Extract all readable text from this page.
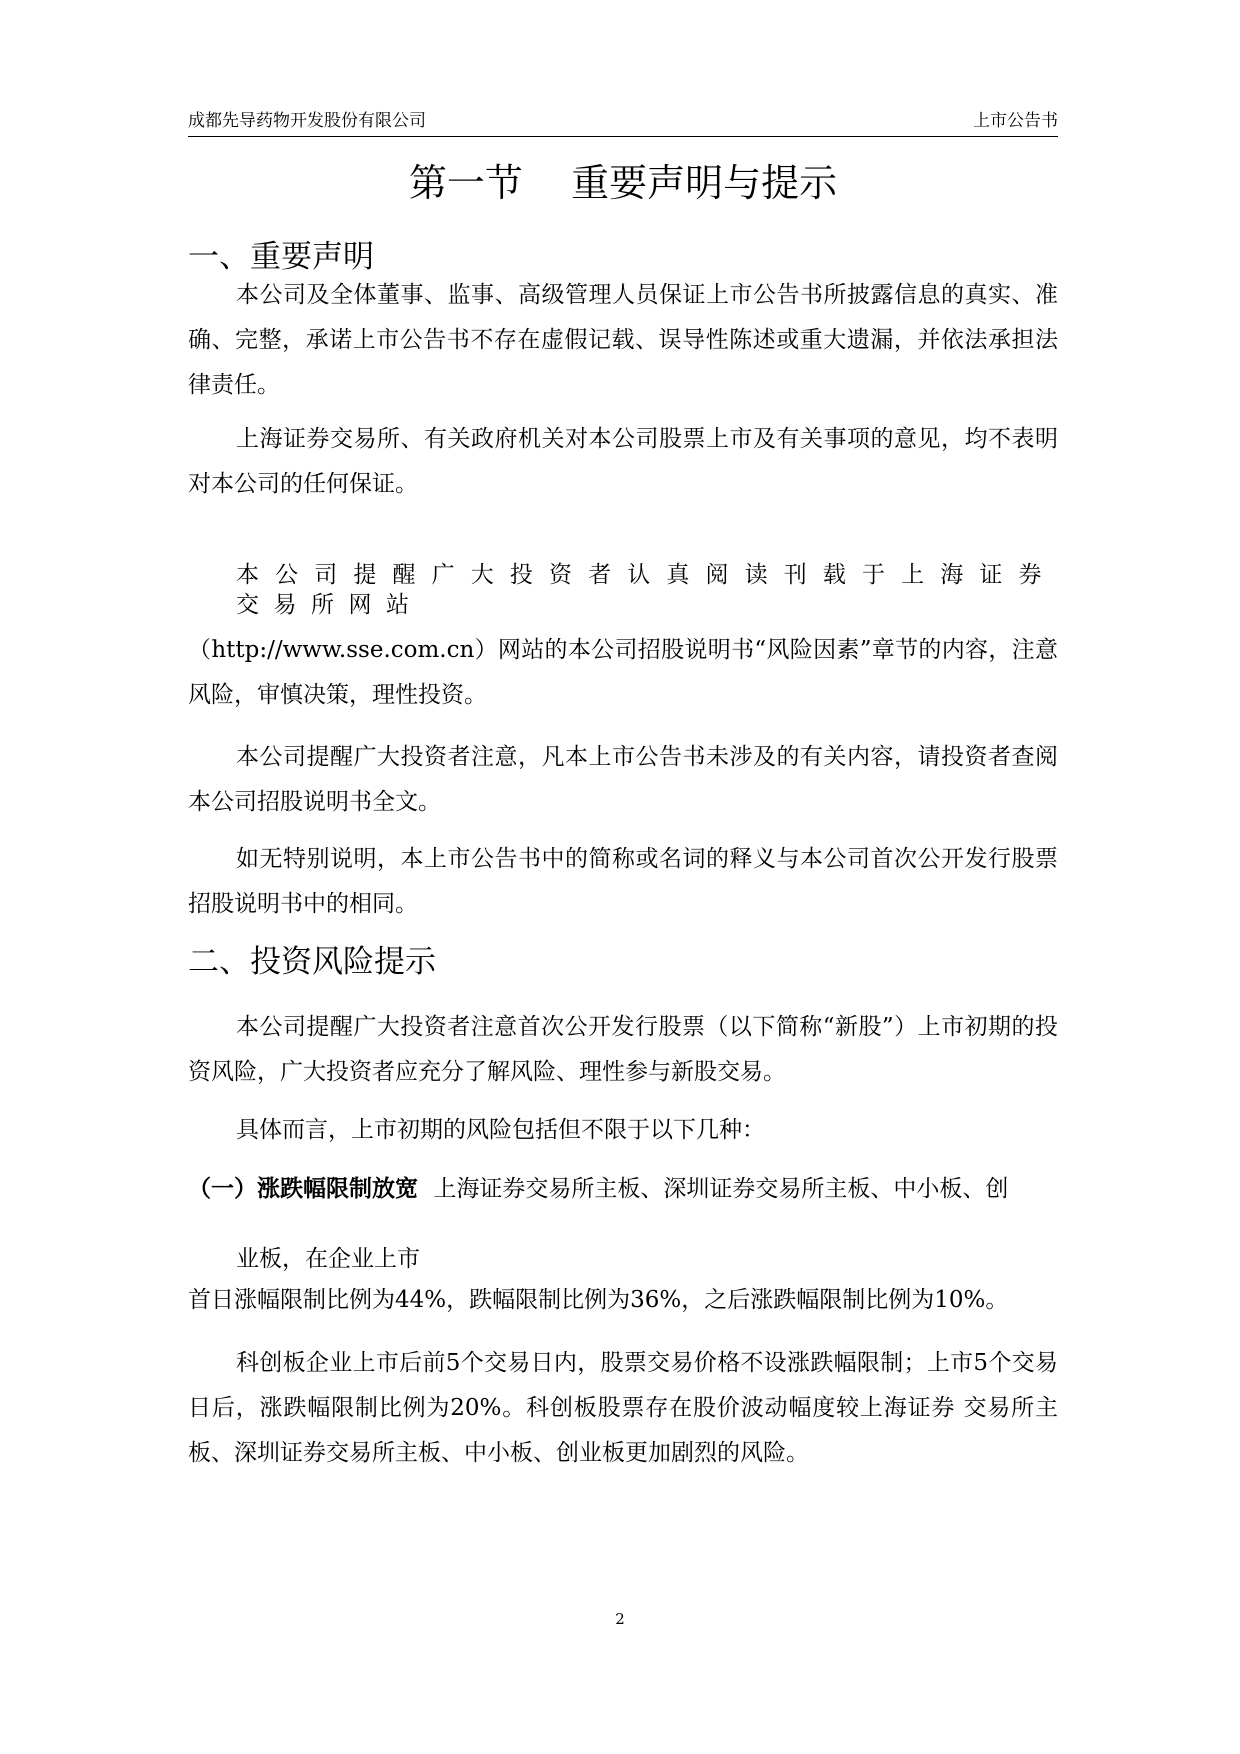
成都先导药物开发股份有限公司	上市公告书
第一节    重要声明与提示
一、重要声明

本公司及全体董事、监事、高级管理人员保证上市公告书所披露信息的真实、准确、完整，承诺上市公告书不存在虚假记载、误导性陈述或重大遗漏，并依法承担法律责任。

上海证券交易所、有关政府机关对本公司股票上市及有关事项的意见，均不表明对本公司的任何保证。

本公司提醒广大投资者认真阅读刊载于上海证券交易所网站

（http://www.sse.com.cn）网站的本公司招股说明书“风险因素”章节的内容，注意风险，审慎决策，理性投资。

本公司提醒广大投资者注意，凡本上市公告书未涉及的有关内容，请投资者查阅本公司招股说明书全文。

如无特别说明，本上市公告书中的简称或名词的释义与本公司首次公开发行股票招股说明书中的相同。

二、投资风险提示

本公司提醒广大投资者注意首次公开发行股票（以下简称“新股”）上市初期的投资风险，广大投资者应充分了解风险、理性参与新股交易。

具体而言，上市初期的风险包括但不限于以下几种：

（一）涨跌幅限制放宽 上海证券交易所主板、深圳证券交易所主板、中小板、创

业板，在企业上市

首日涨幅限制比例为44%，跌幅限制比例为36%，之后涨跌幅限制比例为10%。

科创板企业上市后前5个交易日内，股票交易价格不设涨跌幅限制；上市5个交易日后，涨跌幅限制比例为20%。科创板股票存在股价波动幅度较上海证券 交易所主板、深圳证券交易所主板、中小板、创业板更加剧烈的风险。

2
